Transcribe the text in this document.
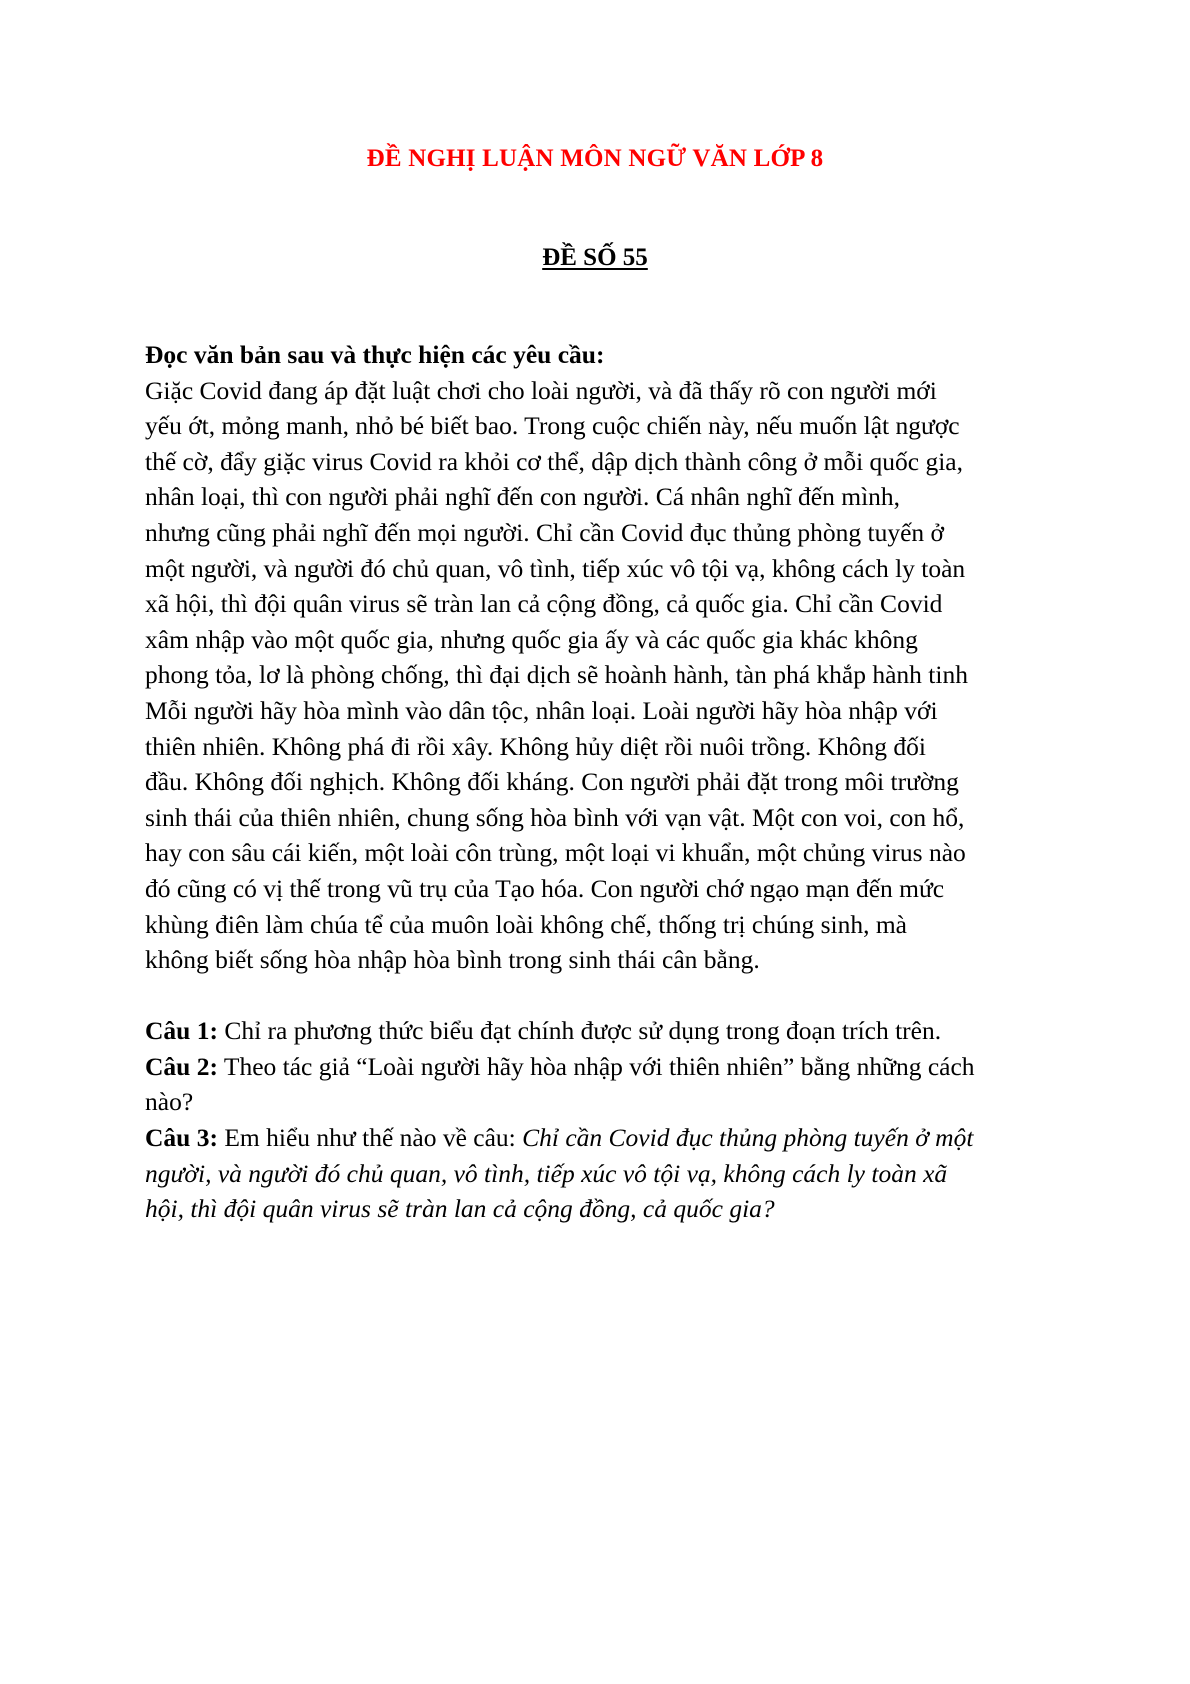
ĐỀ NGHỊ LUẬN MÔN NGỮ VĂN LỚP 8
ĐỀ SỐ 55
Đọc văn bản sau và thực hiện các yêu cầu:
Giặc Covid đang áp đặt luật chơi cho loài người, và đã thấy rõ con người mới
yếu ớt, mỏng manh, nhỏ bé biết bao. Trong cuộc chiến này, nếu muốn lật ngược
thế cờ, đẩy giặc virus Covid ra khỏi cơ thể, dập dịch thành công ở mỗi quốc gia,
nhân loại, thì con người phải nghĩ đến con người. Cá nhân nghĩ đến mình,
nhưng cũng phải nghĩ đến mọi người. Chỉ cần Covid đục thủng phòng tuyến ở
một người, và người đó chủ quan, vô tình, tiếp xúc vô tội vạ, không cách ly toàn
xã hội, thì đội quân virus sẽ tràn lan cả cộng đồng, cả quốc gia. Chỉ cần Covid
xâm nhập vào một quốc gia, nhưng quốc gia ấy và các quốc gia khác không
phong tỏa, lơ là phòng chống, thì đại dịch sẽ hoành hành, tàn phá khắp hành tinh
Mỗi người hãy hòa mình vào dân tộc, nhân loại. Loài người hãy hòa nhập với
thiên nhiên. Không phá đi rồi xây. Không hủy diệt rồi nuôi trồng. Không đối
đầu. Không đối nghịch. Không đối kháng. Con người phải đặt trong môi trường
sinh thái của thiên nhiên, chung sống hòa bình với vạn vật. Một con voi, con hổ,
hay con sâu cái kiến, một loài côn trùng, một loại vi khuẩn, một chủng virus nào
đó cũng có vị thế trong vũ trụ của Tạo hóa. Con người chớ ngạo mạn đến mức
khùng điên làm chúa tể của muôn loài không chế, thống trị chúng sinh, mà
không biết sống hòa nhập hòa bình trong sinh thái cân bằng.
Câu 1: Chỉ ra phương thức biểu đạt chính được sử dụng trong đoạn trích trên.
Câu 2: Theo tác giả “Loài người hãy hòa nhập với thiên nhiên” bằng những cách
nào?
Câu 3: Em hiểu như thế nào về câu: Chỉ cần Covid đục thủng phòng tuyến ở một
người, và người đó chủ quan, vô tình, tiếp xúc vô tội vạ, không cách ly toàn xã
hội, thì đội quân virus sẽ tràn lan cả cộng đồng, cả quốc gia?
